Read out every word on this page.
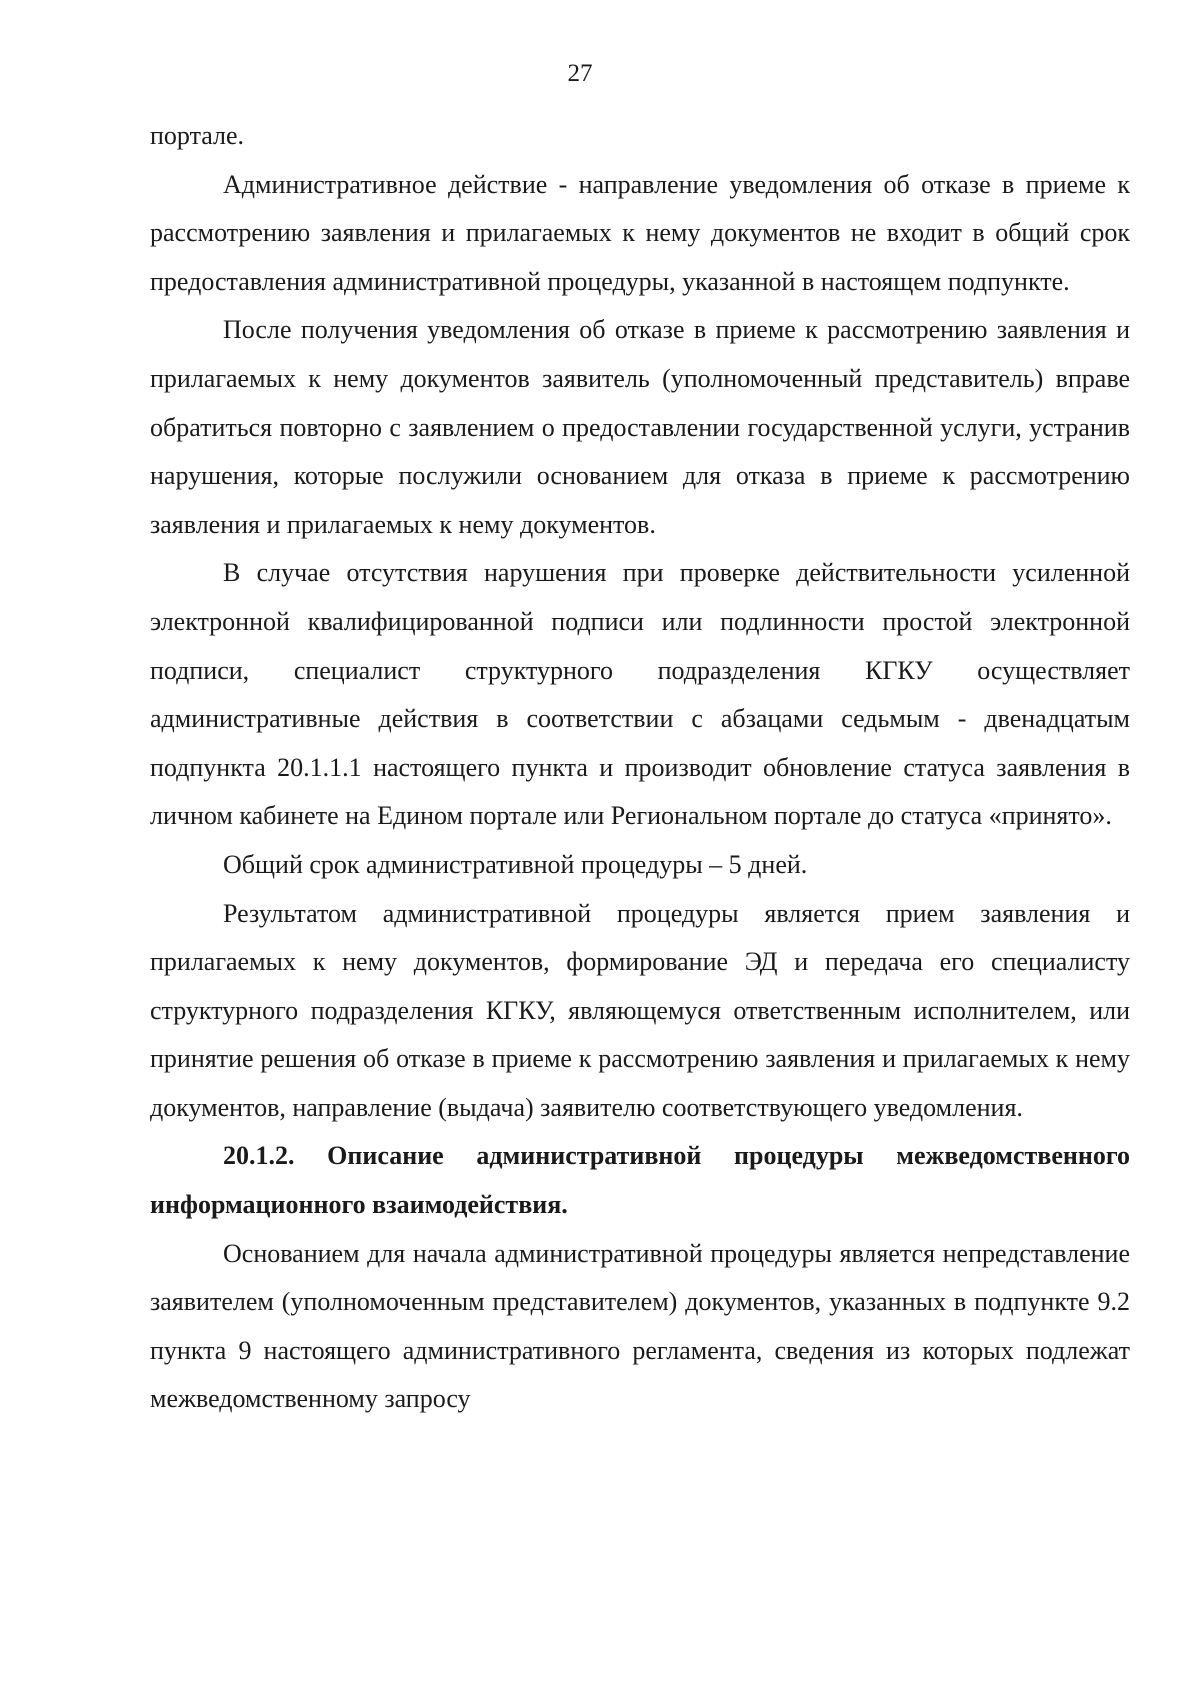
27

портале.

Административное действие - направление уведомления об отказе в приеме к рассмотрению заявления и прилагаемых к нему документов не входит в общий срок предоставления административной процедуры, указанной в настоящем подпункте.

После получения уведомления об отказе в приеме к рассмотрению заявления и прилагаемых к нему документов заявитель (уполномоченный представитель) вправе обратиться повторно с заявлением о предоставлении государственной услуги, устранив нарушения, которые послужили основанием для отказа в приеме к рассмотрению заявления и прилагаемых к нему документов.

В случае отсутствия нарушения при проверке действительности усиленной электронной квалифицированной подписи или подлинности простой электронной подписи, специалист структурного подразделения КГКУ осуществляет административные действия в соответствии с абзацами седьмым - двенадцатым подпункта 20.1.1.1 настоящего пункта и производит обновление статуса заявления в личном кабинете на Едином портале или Региональном портале до статуса «принято».

Общий срок административной процедуры – 5 дней.

Результатом административной процедуры является прием заявления и прилагаемых к нему документов, формирование ЭД и передача его специалисту структурного подразделения КГКУ, являющемуся ответственным исполнителем, или принятие решения об отказе в приеме к рассмотрению заявления и прилагаемых к нему документов, направление (выдача) заявителю соответствующего уведомления.

20.1.2. Описание административной процедуры межведомственного информационного взаимодействия.

Основанием для начала административной процедуры является непредставление заявителем (уполномоченным представителем) документов, указанных в подпункте 9.2 пункта 9 настоящего административного регламента, сведения из которых подлежат межведомственному запросу
